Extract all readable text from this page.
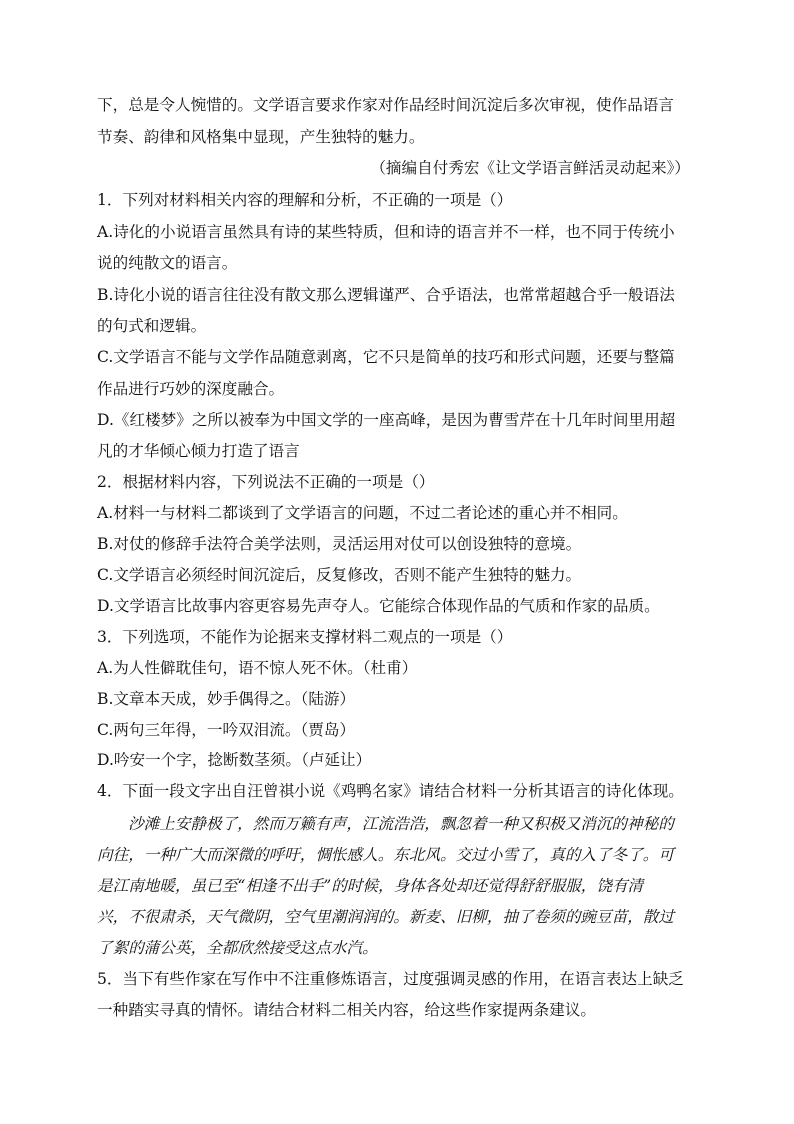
下，总是令人惋惜的。文学语言要求作家对作品经时间沉淀后多次审视，使作品语言
节奏、韵律和风格集中显现，产生独特的魅力。
（摘编自付秀宏《让文学语言鲜活灵动起来》）
1．下列对材料相关内容的理解和分析，不正确的一项是（）
A.诗化的小说语言虽然具有诗的某些特质，但和诗的语言并不一样，也不同于传统小
说的纯散文的语言。
B.诗化小说的语言往往没有散文那么逻辑谨严、合乎语法，也常常超越合乎一般语法
的句式和逻辑。
C.文学语言不能与文学作品随意剥离，它不只是简单的技巧和形式问题，还要与整篇
作品进行巧妙的深度融合。
D.《红楼梦》之所以被奉为中国文学的一座高峰，是因为曹雪芹在十几年时间里用超
凡的才华倾心倾力打造了语言
2．根据材料内容，下列说法不正确的一项是（）
A.材料一与材料二都谈到了文学语言的问题，不过二者论述的重心并不相同。
B.对仗的修辞手法符合美学法则，灵活运用对仗可以创设独特的意境。
C.文学语言必须经时间沉淀后，反复修改，否则不能产生独特的魅力。
D.文学语言比故事内容更容易先声夺人。它能综合体现作品的气质和作家的品质。
3．下列选项，不能作为论据来支撑材料二观点的一项是（）
A.为人性僻耽佳句，语不惊人死不休。（杜甫）
B.文章本天成，妙手偶得之。（陆游）
C.两句三年得，一吟双泪流。（贾岛）
D.吟安一个字，捻断数茎须。（卢延让）
4．下面一段文字出自汪曾祺小说《鸡鸭名家》请结合材料一分析其语言的诗化体现。
沙滩上安静极了，然而万籁有声，江流浩浩，飘忽着一种又积极又消沉的神秘的
向往，一种广大而深微的呼吁，惆怅感人。东北风。交过小雪了，真的入了冬了。可
是江南地暖，虽已至“相逢不出手”的时候，身体各处却还觉得舒舒服服，饶有清
兴，不很肃杀，天气微阴，空气里潮润润的。新麦、旧柳，抽了卷须的豌豆苗，散过
了絮的蒲公英，全都欣然接受这点水汽。
5．当下有些作家在写作中不注重修炼语言，过度强调灵感的作用，在语言表达上缺乏
一种踏实寻真的情怀。请结合材料二相关内容，给这些作家提两条建议。
